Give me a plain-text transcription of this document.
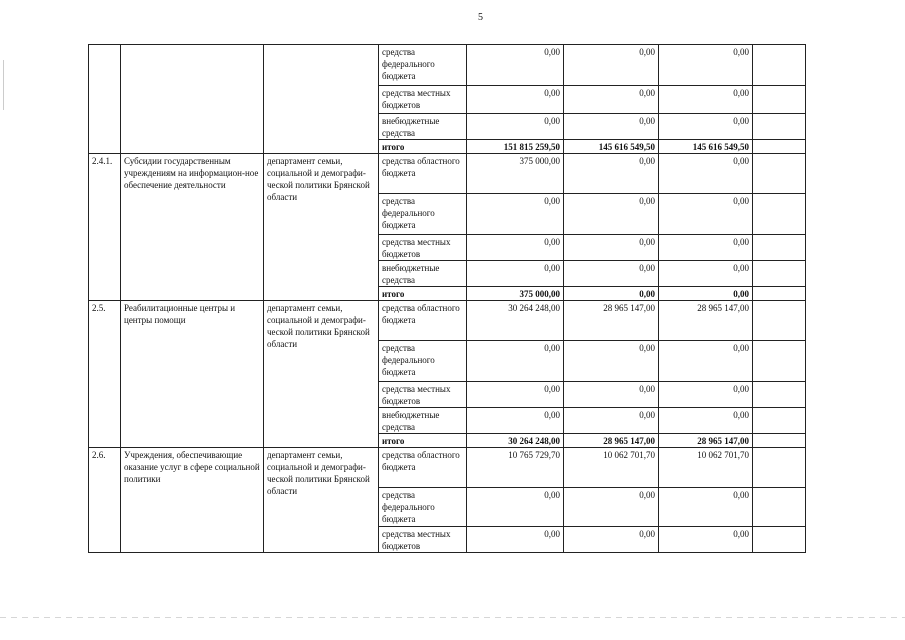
5
			средства федерального бюджета	0,00	0,00	0,00	
			средства местных бюджетов	0,00	0,00	0,00	
			внебюджетные средства	0,00	0,00	0,00	
			итого	151 815 259,50	145 616 549,50	145 616 549,50	
2.4.1.	Субсидии государственным учреждениям на информацион-ное обеспечение деятельности	департамент семьи, социальной и демографи-ческой политики Брянской области	средства областного бюджета	375 000,00	0,00	0,00	
			средства федерального бюджета	0,00	0,00	0,00	
			средства местных бюджетов	0,00	0,00	0,00	
			внебюджетные средства	0,00	0,00	0,00	
			итого	375 000,00	0,00	0,00	
2.5.	Реабилитационные центры и центры помощи	департамент семьи, социальной и демографи-ческой политики Брянской области	средства областного бюджета	30 264 248,00	28 965 147,00	28 965 147,00	
			средства федерального бюджета	0,00	0,00	0,00	
			средства местных бюджетов	0,00	0,00	0,00	
			внебюджетные средства	0,00	0,00	0,00	
			итого	30 264 248,00	28 965 147,00	28 965 147,00	
2.6.	Учреждения, обеспечивающие оказание услуг в сфере социальной политики	департамент семьи, социальной и демографи-ческой политики Брянской области	средства областного бюджета	10 765 729,70	10 062 701,70	10 062 701,70	
			средства федерального бюджета	0,00	0,00	0,00	
			средства местных бюджетов	0,00	0,00	0,00	
